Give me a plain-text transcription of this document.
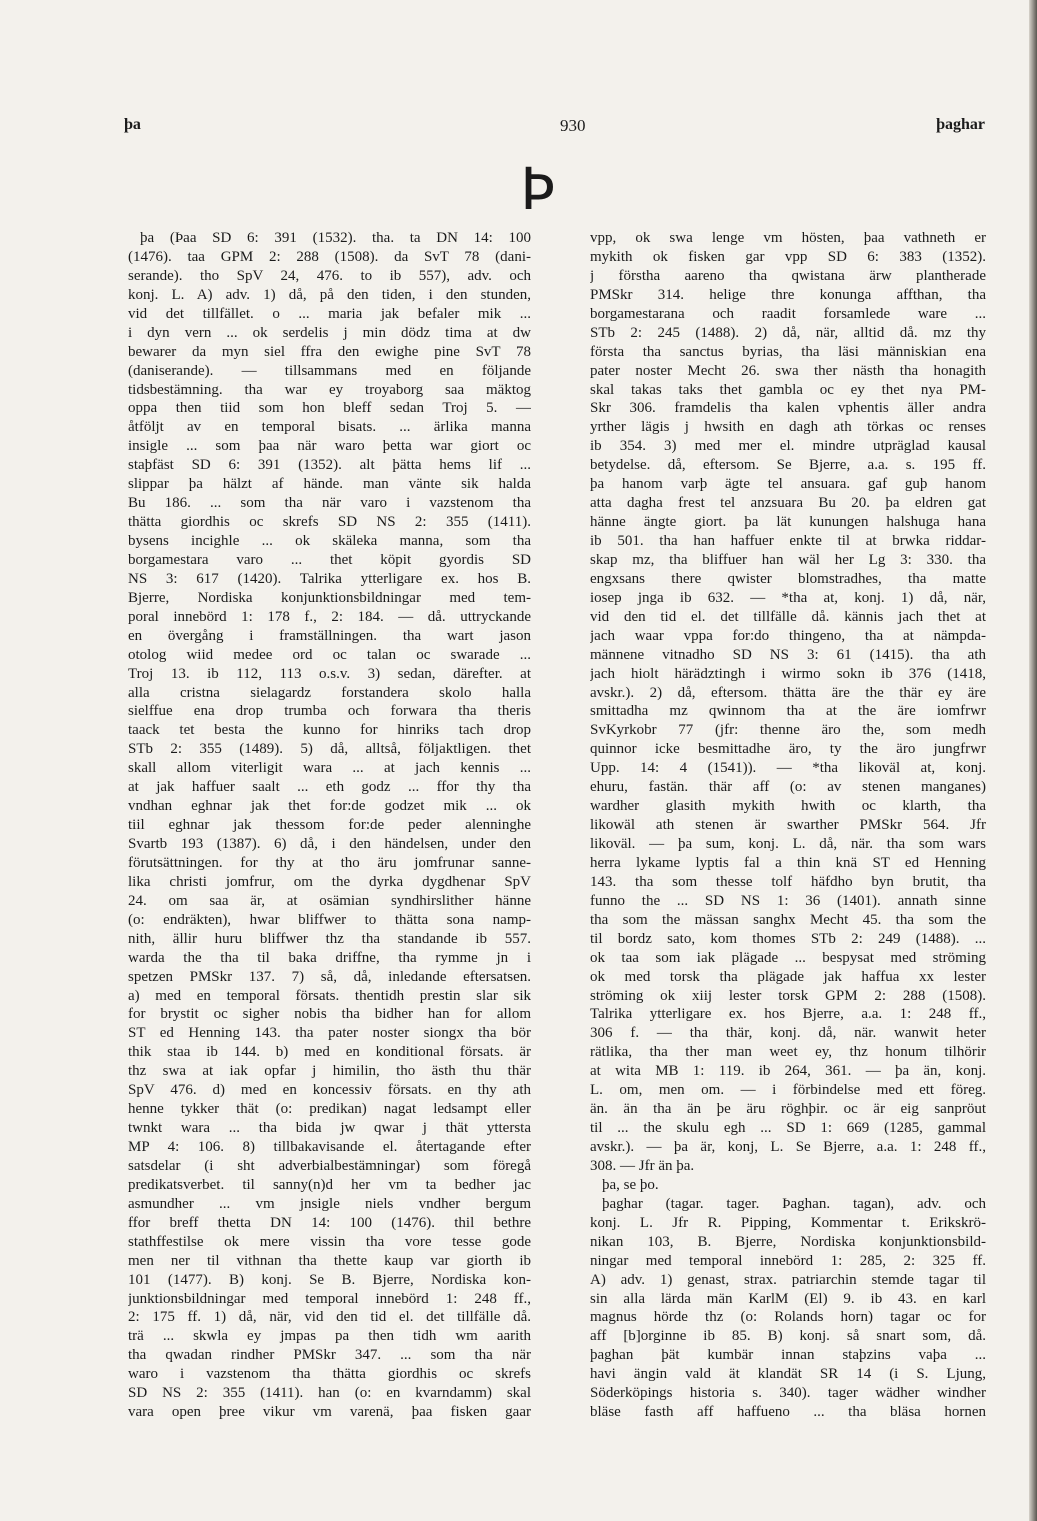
þa	930	þaghar
Þ
þa (Þaa SD 6: 391 (1532). tha. ta DN 14: 100
(1476). taa GPM 2: 288 (1508). da SvT 78 (dani-
serande). tho SpV 24, 476. to ib 557), adv. och
konj. L. A) adv. 1) då, på den tiden, i den stunden,
vid det tillfället. o ... maria jak befaler mik ...
i dyn vern ... ok serdelis j min dödz tima at dw
bewarer da myn siel ffra den ewighe pine SvT 78
(daniserande). — tillsammans med en följande
tidsbestämning. tha war ey troyaborg saa mäktog
oppa then tiid som hon bleff sedan Troj 5. —
åtföljt av en temporal bisats. ... ärlika manna
insigle ... som þaa när waro þetta war giort oc
staþfäst SD 6: 391 (1352). alt þätta hems lif ...
slippar þa hälzt af hände. man vänte sik halda
Bu 186. ... som tha när varo i vazstenom tha
thätta giordhis oc skrefs SD NS 2: 355 (1411).
bysens incighle ... ok skäleka manna, som tha
borgamestara varo ... thet köpit gyordis SD
NS 3: 617 (1420). Talrika ytterligare ex. hos B.
Bjerre, Nordiska konjunktionsbildningar med tem-
poral innebörd 1: 178 f., 2: 184. — då. uttryckande
en övergång i framställningen. tha wart jason
otolog wiid medee ord oc talan oc swarade ...
Troj 13. ib 112, 113 o.s.v. 3) sedan, därefter. at
alla cristna sielagardz forstandera skolo halla
sielffue ena drop trumba och forwara tha theris
taack tet besta the kunno for hinriks tach drop
STb 2: 355 (1489). 5) då, alltså, följaktligen. thet
skall allom viterligit wara ... at jach kennis ...
at jak haffuer saalt ... eth godz ... ffor thy tha
vndhan eghnar jak thet for:de godzet mik ... ok
tiil eghnar jak thessom for:de peder alenninghe
Svartb 193 (1387). 6) då, i den händelsen, under den
förutsättningen. for thy at tho äru jomfrunar sanne-
lika christi jomfrur, om the dyrka dygdhenar SpV
24. om saa är, at osämian syndhirslither hänne
(o: endräkten), hwar bliffwer to thätta sona namp-
nith, ällir huru bliffwer thz tha standande ib 557.
warda the tha til baka driffne, tha rymme jn i
spetzen PMSkr 137. 7) så, då, inledande eftersatsen.
a) med en temporal försats. thentidh prestin slar sik
for brystit oc sigher nobis tha bidher han for allom
ST ed Henning 143. tha pater noster siongx tha bör
thik staa ib 144. b) med en konditional försats. är
thz swa at iak opfar j himilin, tho ästh thu thär
SpV 476. d) med en koncessiv försats. en thy ath
henne tykker thät (o: predikan) nagat ledsampt eller
twnkt wara ... tha bida jw qwar j thät yttersta
MP 4: 106. 8) tillbakavisande el. återtagande efter
satsdelar (i sht adverbialbestämningar) som föregå
predikatsverbet. til sanny(n)d her vm ta bedher jac
asmundher ... vm jnsigle niels vndher bergum
ffor breff thetta DN 14: 100 (1476). thil bethre
stathffestilse ok mere vissin tha vore tesse gode
men ner til vithnan tha thette kaup var giorth ib
101 (1477). B) konj. Se B. Bjerre, Nordiska kon-
junktionsbildningar med temporal innebörd 1: 248 ff.,
2: 175 ff. 1) då, när, vid den tid el. det tillfälle då.
trä ... skwla ey jmpas pa then tidh wm aarith
tha qwadan rindher PMSkr 347. ... som tha när
waro i vazstenom tha thätta giordhis oc skrefs
SD NS 2: 355 (1411). han (o: en kvarndamm) skal
vara open þree vikur vm varenä, þaa fisken gaar
vpp, ok swa lenge vm hösten, þaa vathneth er
mykith ok fisken gar vpp SD 6: 383 (1352).
j förstha aareno tha qwistana ärw plantherade
PMSkr 314. helige thre konunga affthan, tha
borgamestarana och raadit forsamlede ware ...
STb 2: 245 (1488). 2) då, när, alltid då. mz thy
första tha sanctus byrias, tha läsi människian ena
pater noster Mecht 26. swa ther nästh tha honagith
skal takas taks thet gambla oc ey thet nya PM-
Skr 306. framdelis tha kalen vphentis äller andra
yrther lägis j hwsith en dagh ath törkas oc renses
ib 354. 3) med mer el. mindre utpräglad kausal
betydelse. då, eftersom. Se Bjerre, a.a. s. 195 ff.
þa hanom varþ ägte tel ansuara. gaf guþ hanom
atta dagha frest tel anzsuara Bu 20. þa eldren gat
hänne ängte giort. þa lät kunungen halshuga hana
ib 501. tha han haffuer enkte til at brwka riddar-
skap mz, tha bliffuer han wäl her Lg 3: 330. tha
engxsans there qwister blomstradhes, tha matte
iosep jnga ib 632. — *tha at, konj. 1) då, när,
vid den tid el. det tillfälle då. kännis jach thet at
jach waar vppa for:do thingeno, tha at nämpda-
männene vitnadho SD NS 3: 61 (1415). tha ath
jach hiolt härädztingh i wirmo sokn ib 376 (1418,
avskr.). 2) då, eftersom. thätta äre the thär ey äre
smittadha mz qwinnom tha at the äre iomfrwr
SvKyrkobr 77 (jfr: thenne äro the, som medh
quinnor icke besmittadhe äro, ty the äro jungfrwr
Upp. 14: 4 (1541)). — *tha likoväl at, konj.
ehuru, fastän. thär aff (o: av stenen manganes)
wardher glasith mykith hwith oc klarth, tha
likowäl ath stenen är swarther PMSkr 564. Jfr
likoväl. — þa sum, konj. L. då, när. tha som wars
herra lykame lyptis fal a thin knä ST ed Henning
143. tha som thesse tolf häfdho byn brutit, tha
funno the ... SD NS 1: 36 (1401). annath sinne
tha som the mässan sanghx Mecht 45. tha som the
til bordz sato, kom thomes STb 2: 249 (1488). ...
ok taa som iak plägade ... bespysat med ströming
ok med torsk tha plägade jak haffua xx lester
ströming ok xiij lester torsk GPM 2: 288 (1508).
Talrika ytterligare ex. hos Bjerre, a.a. 1: 248 ff.,
306 f. — tha thär, konj. då, när. wanwit heter
rätlika, tha ther man weet ey, thz honum tilhörir
at wita MB 1: 119. ib 264, 361. — þa än, konj.
L. om, men om. — i förbindelse med ett föreg.
än. än tha än þe äru röghþir. oc är eig sanpröut
til ... the skulu egh ... SD 1: 669 (1285, gammal
avskr.). — þa är, konj, L. Se Bjerre, a.a. 1: 248 ff.,
308. — Jfr än þa.
þa, se þo.
þaghar (tagar. tager. Þaghan. tagan), adv. och
konj. L. Jfr R. Pipping, Kommentar t. Erikskrö-
nikan 103, B. Bjerre, Nordiska konjunktionsbild-
ningar med temporal innebörd 1: 285, 2: 325 ff.
A) adv. 1) genast, strax. patriarchin stemde tagar til
sin alla lärda män KarlM (El) 9. ib 43. en karl
magnus hörde thz (o: Rolands horn) tagar oc for
aff [b]orginne ib 85. B) konj. så snart som, då.
þaghan þät kumbär innan staþzins vaþa ...
havi ängin vald ät klandät SR 14 (i S. Ljung,
Söderköpings historia s. 340). tager wädher windher
bläse fasth aff haffueno ... tha bläsa hornen
